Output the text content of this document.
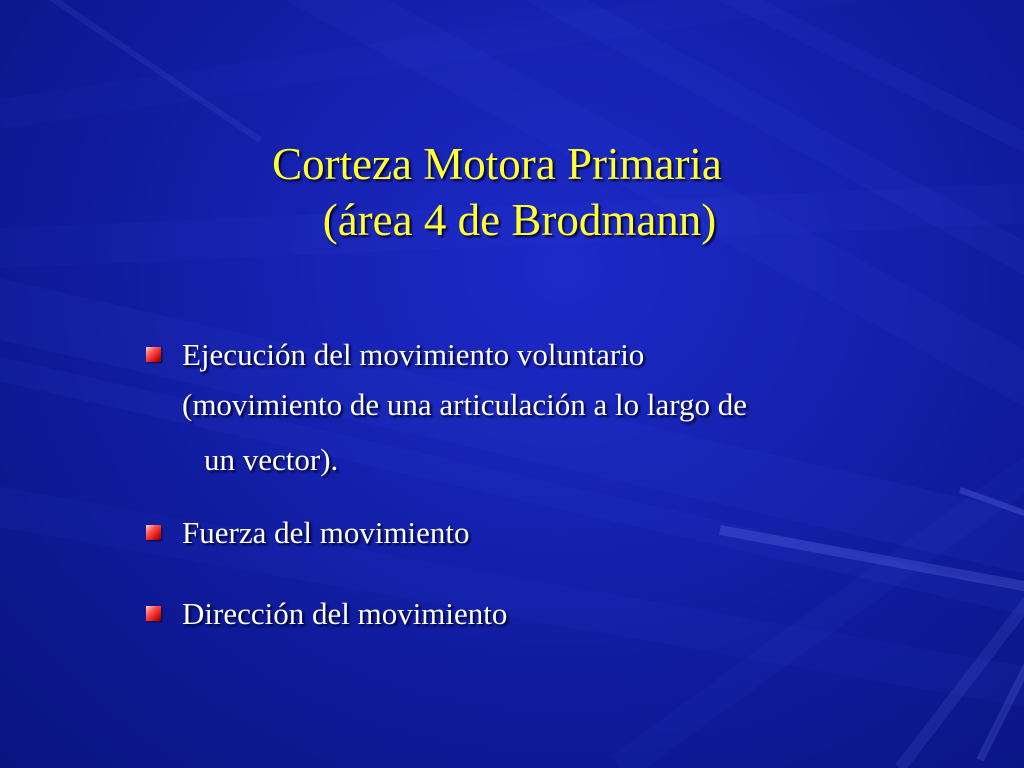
Corteza Motora Primaria
(área 4 de Brodmann)
Ejecución del movimiento voluntario
(movimiento de una articulación a lo largo de
un vector).
Fuerza del movimiento
Dirección del movimiento
